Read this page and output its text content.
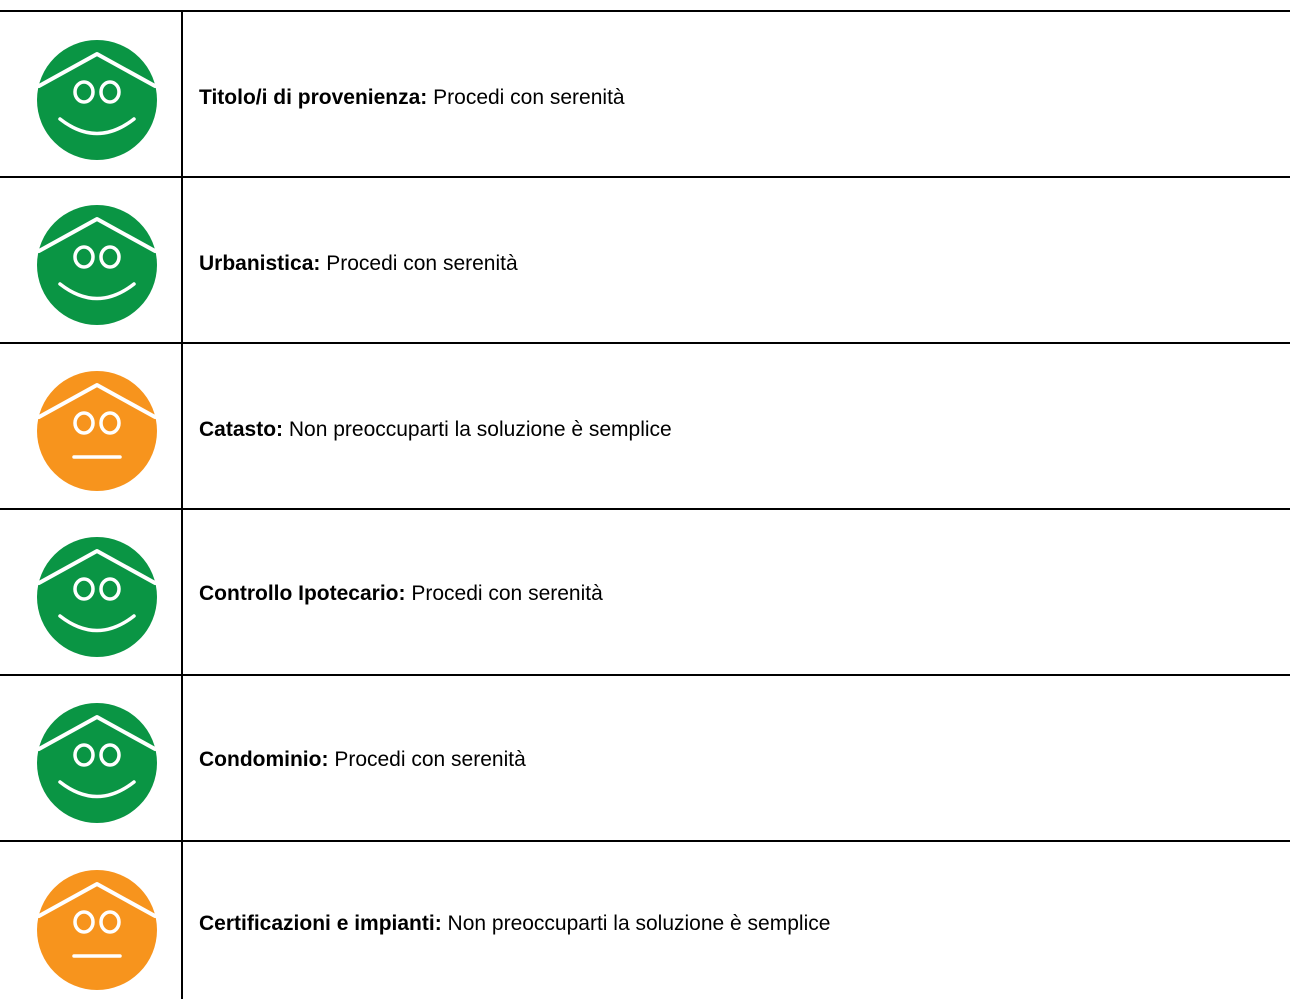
Titolo/i di provenienza: Procedi con serenità
Urbanistica: Procedi con serenità
Catasto: Non preoccuparti la soluzione è semplice
Controllo Ipotecario: Procedi con serenità
Condominio: Procedi con serenità
Certificazioni e impianti: Non preoccuparti la soluzione è semplice
